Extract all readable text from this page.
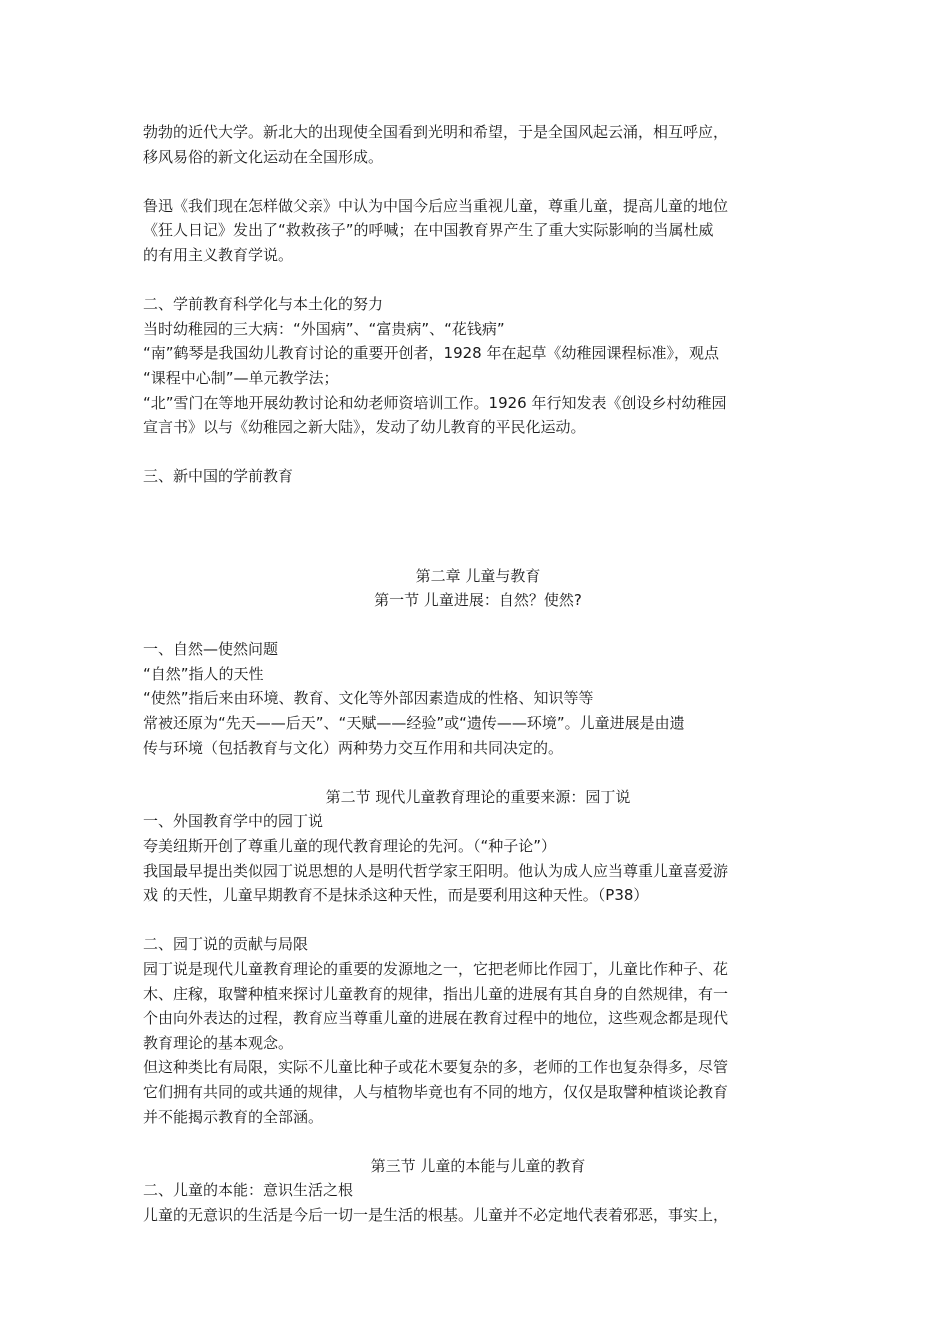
勃勃的近代大学。新北大的出现使全国看到光明和希望，于是全国风起云涌，相互呼应，

移风易俗的新文化运动在全国形成。

鲁迅《我们现在怎样做父亲》中认为中国今后应当重视儿童，尊重儿童，提高儿童的地位

《狂人日记》发出了“救救孩子”的呼喊；在中国教育界产生了重大实际影响的当属杜威

的有用主义教育学说。

二、学前教育科学化与本土化的努力

当时幼稚园的三大病：“外国病”、“富贵病”、“花钱病”

“南”鹤琴是我国幼儿教育讨论的重要开创者，1928 年在起草《幼稚园课程标准》，观点

“课程中心制”—单元教学法；

“北”雪门在等地开展幼教讨论和幼老师资培训工作。1926 年行知发表《创设乡村幼稚园

宣言书》以与《幼稚园之新大陆》，发动了幼儿教育的平民化运动。

三、新中国的学前教育

第二章 儿童与教育

第一节 儿童进展：自然？使然?

一、自然—使然问题

“自然”指人的天性

“使然”指后来由环境、教育、文化等外部因素造成的性格、知识等等

常被还原为“先天——后天”、“天赋——经验”或“遗传——环境”。儿童进展是由遗

传与环境（包括教育与文化）两种势力交互作用和共同决定的。

第二节 现代儿童教育理论的重要来源：园丁说

一、外国教育学中的园丁说

夸美纽斯开创了尊重儿童的现代教育理论的先河。（“种子论”）

我国最早提出类似园丁说思想的人是明代哲学家王阳明。他认为成人应当尊重儿童喜爱游

戏 的天性，儿童早期教育不是抹杀这种天性，而是要利用这种天性。（P38）

二、园丁说的贡献与局限

园丁说是现代儿童教育理论的重要的发源地之一，它把老师比作园丁，儿童比作种子、花

木、庄稼，取譬种植来探讨儿童教育的规律，指出儿童的进展有其自身的自然规律，有一

个由向外表达的过程，教育应当尊重儿童的进展在教育过程中的地位，这些观念都是现代

教育理论的基本观念。

但这种类比有局限，实际不儿童比种子或花木要复杂的多，老师的工作也复杂得多，尽管

它们拥有共同的或共通的规律，人与植物毕竟也有不同的地方，仅仅是取譬种植谈论教育

并不能揭示教育的全部涵。

第三节 儿童的本能与儿童的教育

二、儿童的本能：意识生活之根

儿童的无意识的生活是今后一切一是生活的根基。儿童并不必定地代表着邪恶，事实上，
